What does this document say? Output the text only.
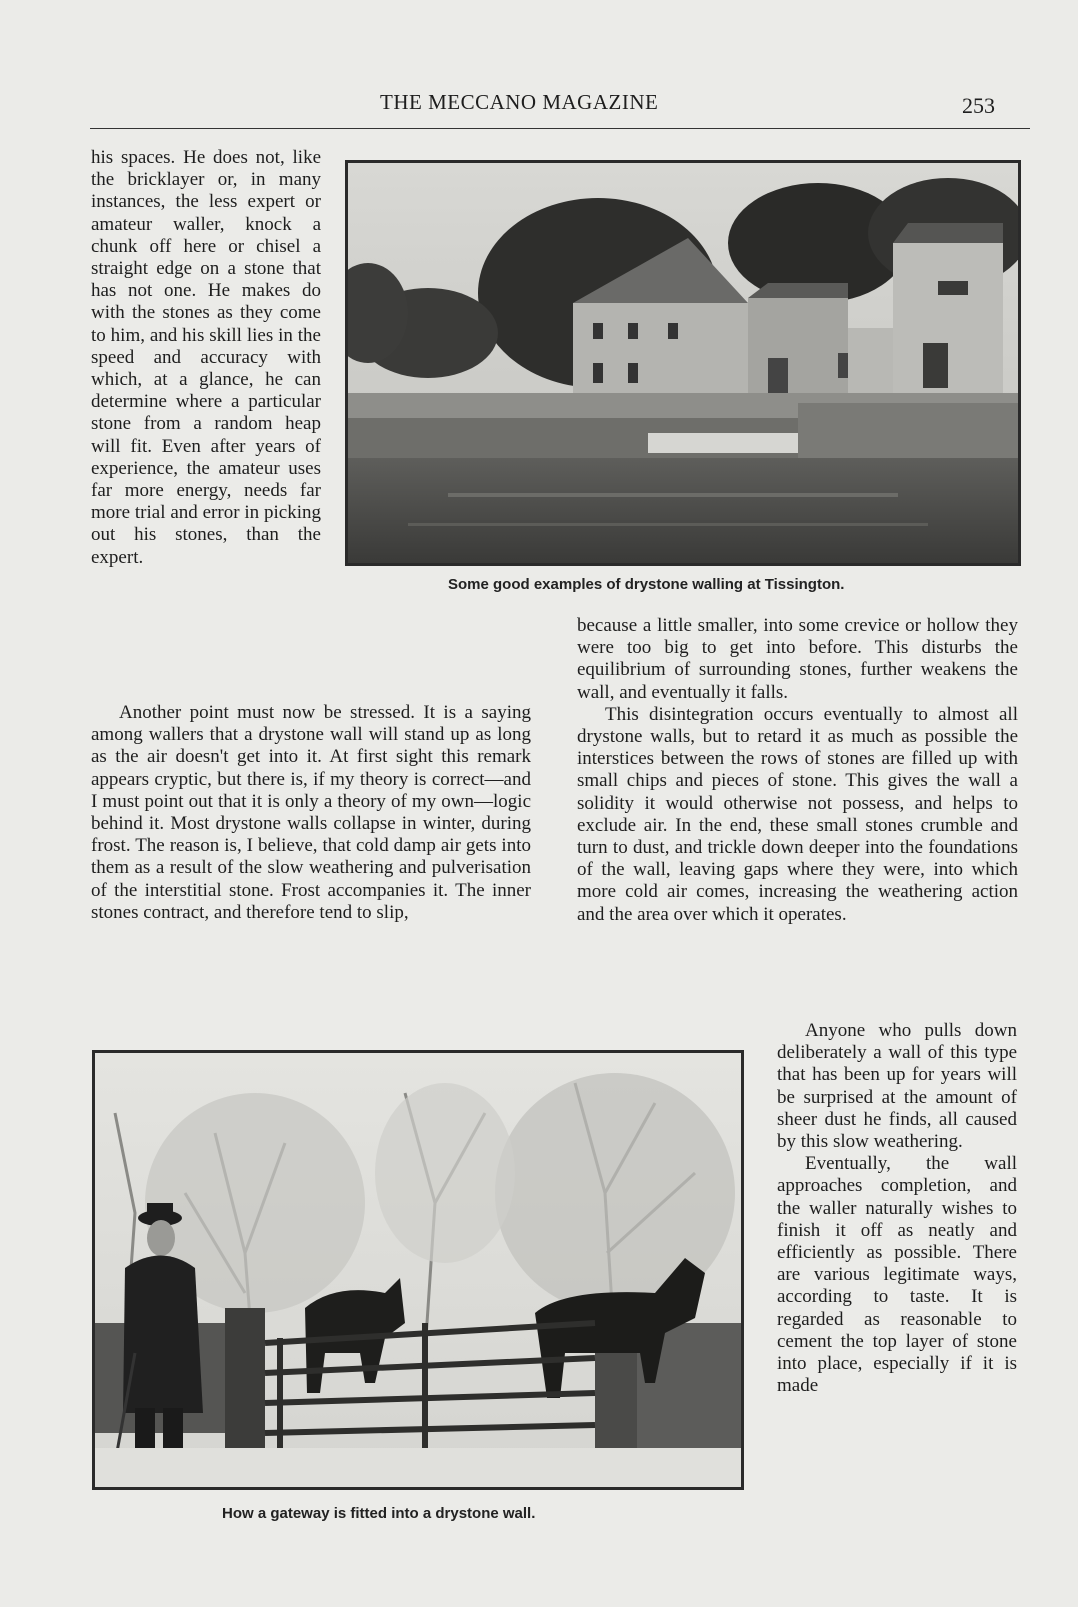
THE MECCANO MAGAZINE	253
Some good examples of drystone walling at Tissington.

his spaces. He does not, like the bricklayer or, in many instances, the less expert or amateur waller, knock a chunk off here or chisel a straight edge on a stone that has not one. He makes do with the stones as they come to him, and his skill lies in the speed and accuracy with which, at a glance, he can determine where a particular stone from a random heap will fit. Even after years of experience, the amateur uses far more energy, needs far more trial and error in picking out his stones, than the expert.

Another point must now be stressed. It is a saying among wallers that a drystone wall will stand up as long as the air doesn't get into it. At first sight this remark appears cryptic, but there is, if my theory is correct—and I must point out that it is only a theory of my own—logic behind it. Most drystone walls collapse in winter, during frost. The reason is, I believe, that cold damp air gets into them as a result of the slow weathering and pulverisation of the interstitial stone. Frost accompanies it. The inner stones contract, and therefore tend to slip,

because a little smaller, into some crevice or hollow they were too big to get into before. This disturbs the equilibrium of surrounding stones, further weakens the wall, and eventually it falls.

This disintegration occurs eventually to almost all drystone walls, but to retard it as much as possible the interstices between the rows of stones are filled up with small chips and pieces of stone. This gives the wall a solidity it would otherwise not possess, and helps to exclude air. In the end, these small stones crumble and turn to dust, and trickle down deeper into the foundations of the wall, leaving gaps where they were, into which more cold air comes, increasing the weathering action and the area over which it operates.

How a gateway is fitted into a drystone wall.

Anyone who pulls down deliberately a wall of this type that has been up for years will be surprised at the amount of sheer dust he finds, all caused by this slow weathering.

Eventually, the wall approaches completion, and the waller naturally wishes to finish it off as neatly and efficiently as possible. There are various legitimate ways, according to taste. It is regarded as reasonable to cement the top layer of stone into place, especially if it is made
